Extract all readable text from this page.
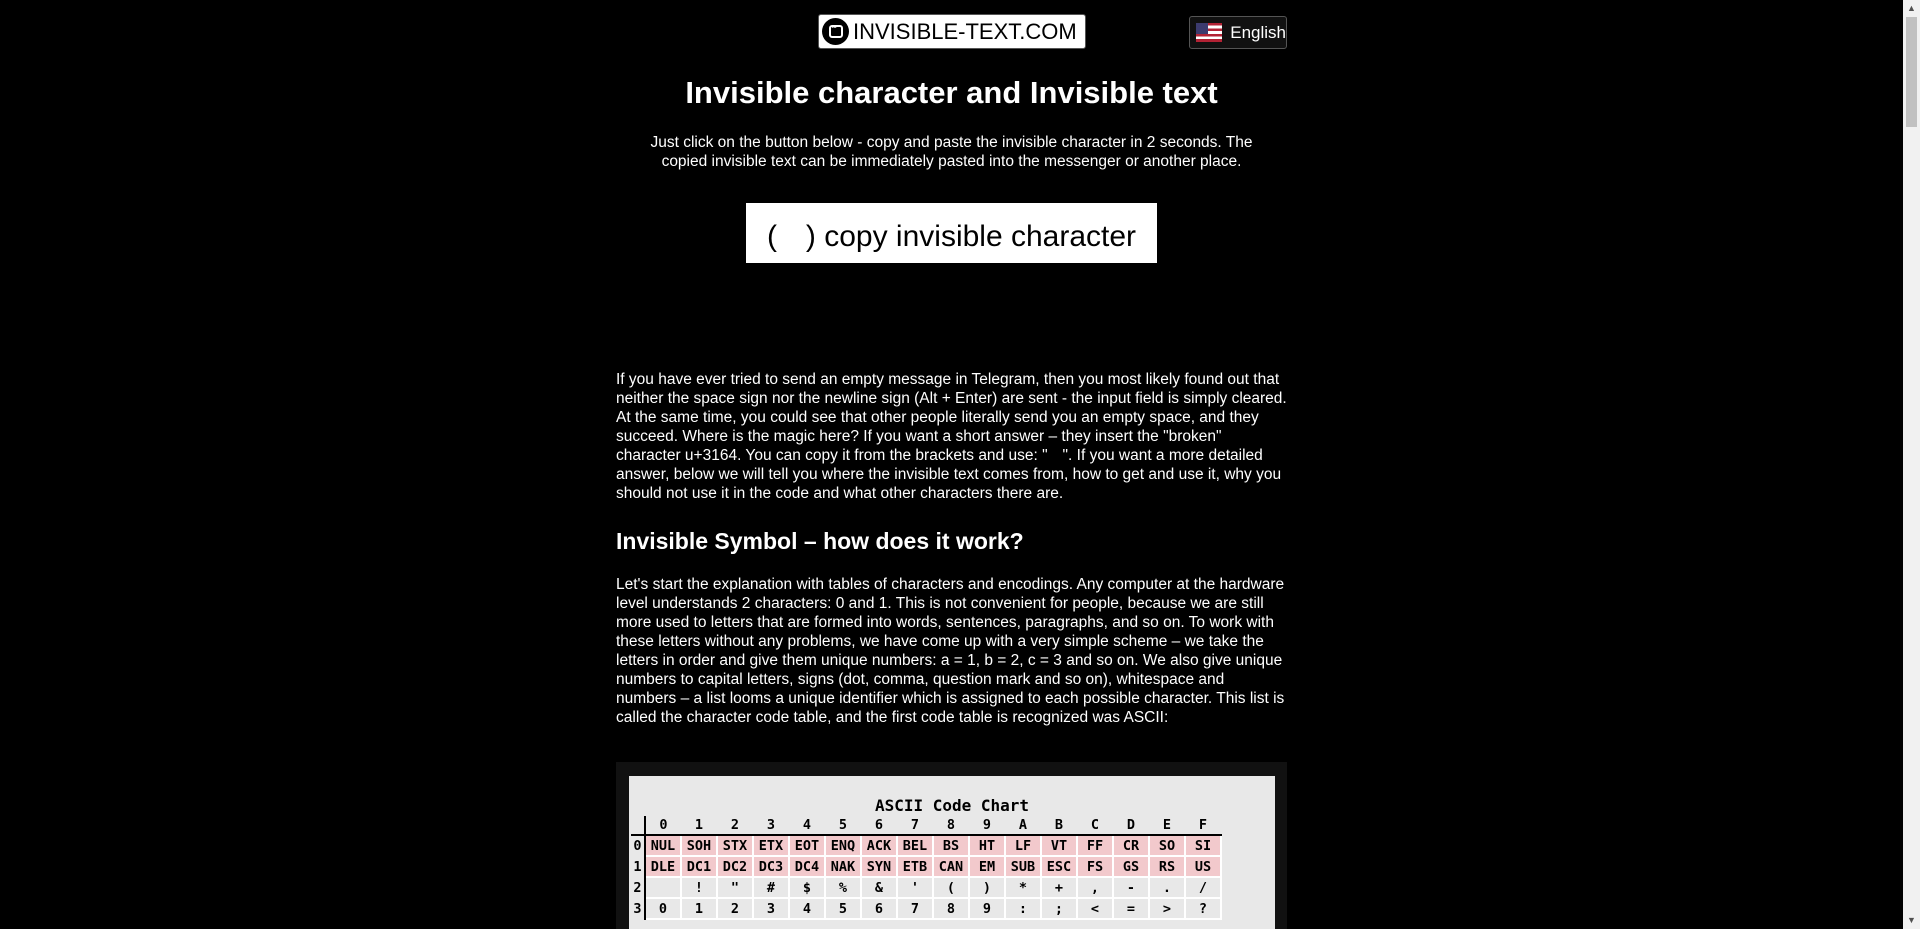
...
INVISIBLE-TEXT.COM	English
Invisible character and Invisible text

Just click on the button below - copy and paste the invisible character in 2 seconds. The copied invisible text can be immediately pasted into the messenger or another place.

(ㅤ) copy invisible character

If you have ever tried to send an empty message in Telegram, then you most likely found out that neither the space sign nor the newline sign (Alt + Enter) are sent - the input field is simply cleared. At the same time, you could see that other people literally send you an empty space, and they succeed. Where is the magic here? If you want a short answer – they insert the "broken" character u+3164. You can copy it from the brackets and use: "ㅤ". If you want a more detailed answer, below we will tell you where the invisible text comes from, how to get and use it, why you should not use it in the code and what other characters there are.

Invisible Symbol – how does it work?

Let's start the explanation with tables of characters and encodings. Any computer at the hardware level understands 2 characters: 0 and 1. This is not convenient for people, because we are still more used to letters that are formed into words, sentences, paragraphs, and so on. To work with these letters without any problems, we have come up with a very simple scheme – we take the letters in order and give them unique numbers: a = 1, b = 2, c = 3 and so on. We also give unique numbers to capital letters, signs (dot, comma, question mark and so on), whitespace and numbers – a list looms a unique identifier which is assigned to each possible character. This list is called the character code table, and the first code table is recognized was ASCII:

ASCII Code Chart
	0	1	2	3	4	5	6	7	8	9	A	B	C	D	E	F
0	NUL	SOH	STX	ETX	EOT	ENQ	ACK	BEL	BS	HT	LF	VT	FF	CR	SO	SI
1	DLE	DC1	DC2	DC3	DC4	NAK	SYN	ETB	CAN	EM	SUB	ESC	FS	GS	RS	US
2		!	"	#	$	%	&	'	(	)	*	+	,	-	.	/
3	0	1	2	3	4	5	6	7	8	9	:	;	<	=	>	?
▲
▼
